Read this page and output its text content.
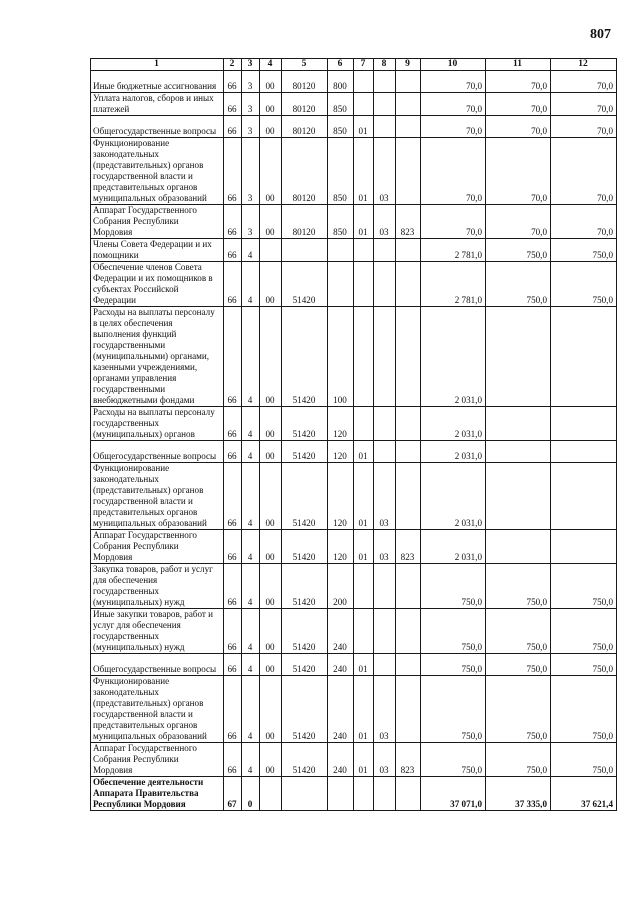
807
1	2	3	4	5	6	7	8	9	10	11	12
Иные бюджетные ассигнования	66	3	00	80120	800				70,0	70,0	70,0
Уплата налогов, сборов и иных платежей	66	3	00	80120	850				70,0	70,0	70,0
Общегосударственные вопросы	66	3	00	80120	850	01			70,0	70,0	70,0
Функционирование законодательных (представительных) органов государственной власти и представительных органов муниципальных образований	66	3	00	80120	850	01	03		70,0	70,0	70,0
Аппарат Государственного Собрания Республики Мордовия	66	3	00	80120	850	01	03	823	70,0	70,0	70,0
Члены Совета Федерации и их помощники	66	4							2 781,0	750,0	750,0
Обеспечение членов Совета Федерации и их помощников в субъектах Российской Федерации	66	4	00	51420					2 781,0	750,0	750,0
Расходы на выплаты персоналу в целях обеспечения выполнения функций государственными (муниципальными) органами, казенными учреждениями, органами управления государственными внебюджетными фондами	66	4	00	51420	100				2 031,0		
Расходы на выплаты персоналу государственных (муниципальных) органов	66	4	00	51420	120				2 031,0		
Общегосударственные вопросы	66	4	00	51420	120	01			2 031,0		
Функционирование законодательных (представительных) органов государственной власти и представительных органов муниципальных образований	66	4	00	51420	120	01	03		2 031,0		
Аппарат Государственного Собрания Республики Мордовия	66	4	00	51420	120	01	03	823	2 031,0		
Закупка товаров, работ и услуг для обеспечения государственных (муниципальных) нужд	66	4	00	51420	200				750,0	750,0	750,0
Иные закупки товаров, работ и услуг для обеспечения государственных (муниципальных) нужд	66	4	00	51420	240				750,0	750,0	750,0
Общегосударственные вопросы	66	4	00	51420	240	01			750,0	750,0	750,0
Функционирование законодательных (представительных) органов государственной власти и представительных органов муниципальных образований	66	4	00	51420	240	01	03		750,0	750,0	750,0
Аппарат Государственного Собрания Республики Мордовия	66	4	00	51420	240	01	03	823	750,0	750,0	750,0
Обеспечение деятельности Аппарата Правительства Республики Мордовия	67	0							37 071,0	37 335,0	37 621,4
